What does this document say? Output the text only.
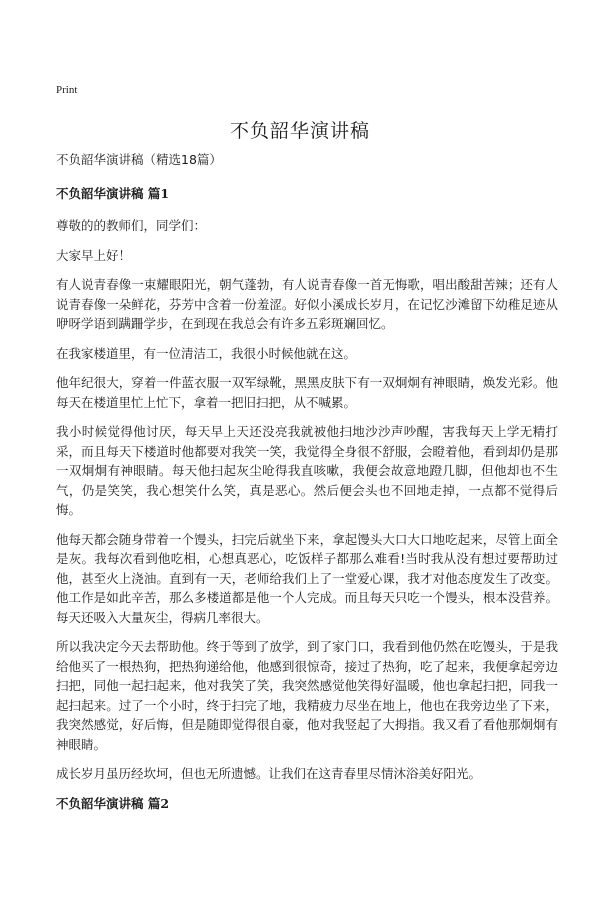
Print
不负韶华演讲稿
不负韶华演讲稿（精选18篇）
不负韶华演讲稿 篇1

尊敬的的教师们，同学们：

大家早上好！

有人说青春像一束耀眼阳光，朝气蓬勃，有人说青春像一首无悔歌，唱出酸甜苦辣；还有人说青春像一朵鲜花，芬芳中含着一份羞涩。好似小溪成长岁月，在记忆沙滩留下幼稚足迹从咿呀学语到蹒跚学步，在到现在我总会有许多五彩斑斓回忆。

在我家楼道里，有一位清洁工，我很小时候他就在这。

他年纪很大，穿着一件蓝衣服一双军绿靴，黑黑皮肤下有一双炯炯有神眼睛，焕发光彩。他每天在楼道里忙上忙下，拿着一把旧扫把，从不喊累。

我小时候觉得他讨厌，每天早上天还没亮我就被他扫地沙沙声吵醒，害我每天上学无精打采，而且每天下楼道时他都要对我笑一笑，我觉得全身很不舒服，会瞪着他，看到却仍是那一双炯炯有神眼睛。每天他扫起灰尘呛得我直咳嗽，我便会故意地蹬几脚，但他却也不生气，仍是笑笑，我心想笑什么笑，真是恶心。然后便会头也不回地走掉，一点都不觉得后悔。

他每天都会随身带着一个馒头，扫完后就坐下来，拿起馒头大口大口地吃起来，尽管上面全是灰。我每次看到他吃相，心想真恶心，吃饭样子都那么难看!当时我从没有想过要帮助过他，甚至火上浇油。直到有一天，老师给我们上了一堂爱心课，我才对他态度发生了改变。他工作是如此辛苦，那么多楼道都是他一个人完成。而且每天只吃一个馒头，根本没营养。每天还吸入大量灰尘，得病几率很大。

所以我决定今天去帮助他。终于等到了放学，到了家门口，我看到他仍然在吃馒头，于是我给他买了一根热狗，把热狗递给他，他感到很惊奇，接过了热狗，吃了起来，我便拿起旁边扫把，同他一起扫起来，他对我笑了笑，我突然感觉他笑得好温暖，他也拿起扫把，同我一起扫起来。过了一个小时，终于扫完了地，我精疲力尽坐在地上，他也在我旁边坐了下来，我突然感觉，好后悔，但是随即觉得很自豪，他对我竖起了大拇指。我又看了看他那炯炯有神眼睛。

成长岁月虽历经坎坷，但也无所遗憾。让我们在这青春里尽情沐浴美好阳光。

不负韶华演讲稿 篇2
